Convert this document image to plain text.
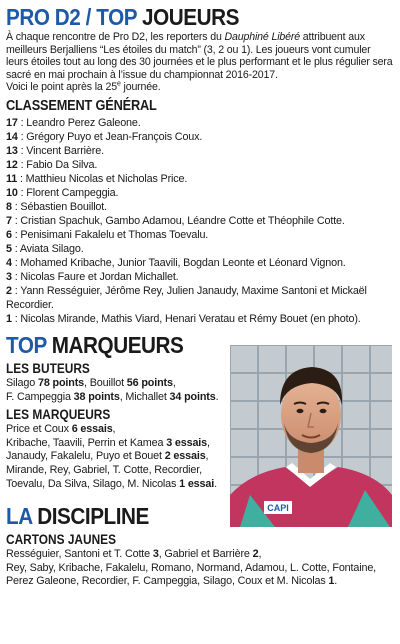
PRO D2 / TOP JOUEURS

À chaque rencontre de Pro D2, les reporters du Dauphiné Libéré attribuent aux meilleurs Berjalliens “Les étoiles du match” (3, 2 ou 1). Les joueurs vont cumuler leurs étoiles tout au long des 30 journées et le plus performant et le plus régulier sera sacré en mai prochain à l’issue du championnat 2016-2017.
Voici le point après la 25e journée.

CLASSEMENT GÉNÉRAL
17 : Leandro Perez Galeone.
14 : Grégory Puyo et Jean-François Coux.
13 : Vincent Barrière.
12 : Fabio Da Silva.
11 : Matthieu Nicolas et Nicholas Price.
10 : Florent Campeggia.
8 : Sébastien Bouillot.
7 : Cristian Spachuk, Gambo Adamou, Léandre Cotte et Théophile Cotte.
6 : Penisimani Fakalelu et Thomas Toevalu.
5 : Aviata Silago.
4 : Mohamed Kribache, Junior Taavili, Bogdan Leonte et Léonard Vignon.
3 : Nicolas Faure et Jordan Michallet.
2 : Yann Rességuier, Jérôme Rey, Julien Janaudy, Maxime Santoni et Mickaël Recordier.
1 : Nicolas Mirande, Mathis Viard, Henari Veratau et Rémy Bouet (en photo).
TOP MARQUEURS
LES BUTEURS
Silago 78 points, Bouillot 56 points,
F. Campeggia 38 points, Michallet 34 points.
LES MARQUEURS
Price et Coux 6 essais,
Kribache, Taavili, Perrin et Kamea 3 essais,
Janaudy, Fakalelu, Puyo et Bouet 2 essais,
Mirande, Rey, Gabriel, T. Cotte, Recordier,
Toevalu, Da Silva, Silago, M. Nicolas 1 essai.
LA DISCIPLINE
CARTONS JAUNES
Rességuier, Santoni et T. Cotte 3, Gabriel et Barrière 2,
Rey, Saby, Kribache, Fakalelu, Romano, Normand, Adamou, L. Cotte, Fontaine, Perez Galeone, Recordier, F. Campeggia, Silago, Coux et M. Nicolas 1.
CAPI
